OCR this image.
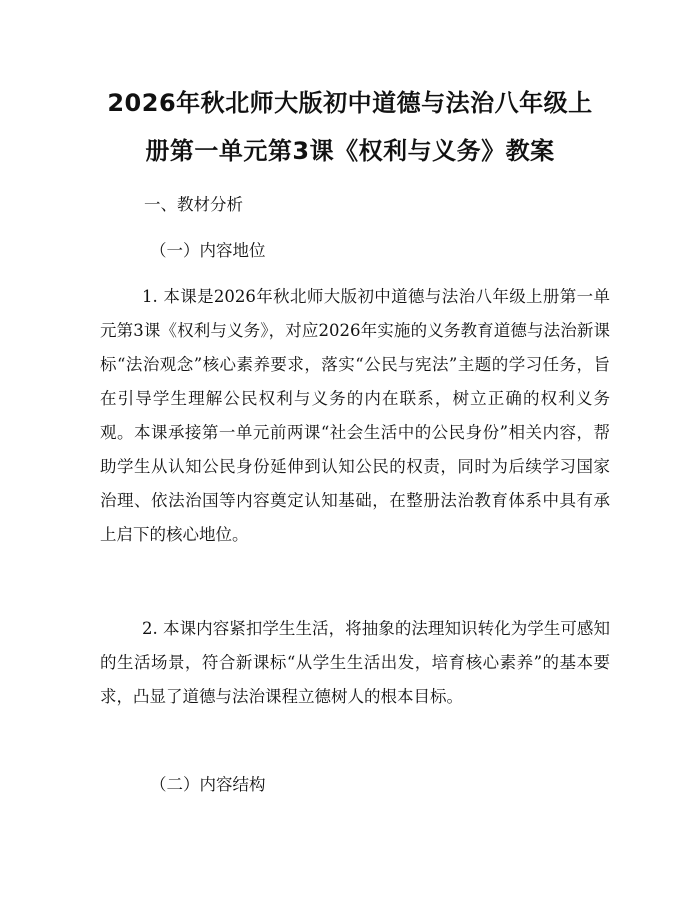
2026年秋北师大版初中道德与法治八年级上
册第一单元第3课《权利与义务》教案
一、教材分析
（一）内容地位

1. 本课是2026年秋北师大版初中道德与法治八年级上册第一单元第3课《权利与义务》，对应2026年实施的义务教育道德与法治新课标“法治观念”核心素养要求，落实“公民与宪法”主题的学习任务，旨在引导学生理解公民权利与义务的内在联系，树立正确的权利义务观。本课承接第一单元前两课“社会生活中的公民身份”相关内容，帮助学生从认知公民身份延伸到认知公民的权责，同时为后续学习国家治理、依法治国等内容奠定认知基础，在整册法治教育体系中具有承上启下的核心地位。

2. 本课内容紧扣学生生活，将抽象的法理知识转化为学生可感知的生活场景，符合新课标“从学生生活出发，培育核心素养”的基本要求，凸显了道德与法治课程立德树人的根本目标。

（二）内容结构
